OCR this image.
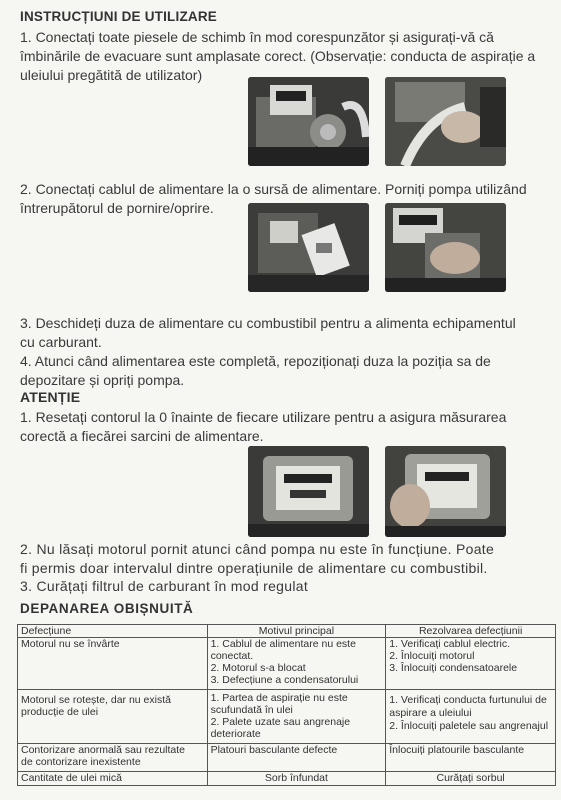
INSTRUCȚIUNI DE UTILIZARE
1. Conectați toate piesele de schimb în mod corespunzător și asigurați-vă că
îmbinările de evacuare sunt amplasate corect. (Observație: conducta de aspirație a
uleiului pregătită de utilizator)
2. Conectați cablul de alimentare la o sursă de alimentare. Porniți pompa utilizând
întrerupătorul de pornire/oprire.
3. Deschideți duza de alimentare cu combustibil pentru a alimenta echipamentul
cu carburant.
4. Atunci când alimentarea este completă, repoziționați duza la poziția sa de
depozitare și opriți pompa.
ATENȚIE
1. Resetați contorul la 0 înainte de fiecare utilizare pentru a asigura măsurarea
corectă a fiecărei sarcini de alimentare.
2. Nu lăsați motorul pornit atunci când pompa nu este în funcțiune. Poate
fi permis doar intervalul dintre operațiunile de alimentare cu combustibil.
3. Curățați filtrul de carburant în mod regulat
DEPANAREA OBIȘNUITĂ
Defecțiune	Motivul principal	Rezolvarea defecțiunii

Motorul nu se învârte	1. Cablul de alimentare nu este
conectat.
2. Motorul s-a blocat
3. Defecțiune a condensatorului	1. Verificați cablul electric.
2. Înlocuiți motorul
3. Înlocuiți condensatoarele

Motorul se rotește, dar nu există
producție de ulei	1. Partea de aspirație nu este
scufundată în ulei
2. Palete uzate sau angrenaje
deteriorate	1. Verificați conducta furtunului de
aspirare a uleiului
2. Înlocuiți paletele sau angrenajul

Contorizare anormală sau rezultate
de contorizare inexistente	Platouri basculante defecte	Înlocuiți platourile basculante

Cantitate de ulei mică	Sorb înfundat	Curățați sorbul
